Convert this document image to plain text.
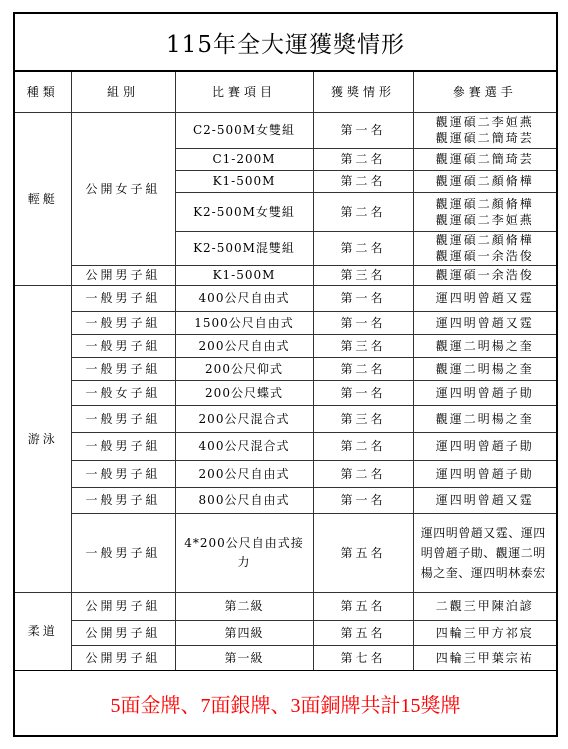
115年全大運獲獎情形
種類	組別	比賽項目	獲獎情形	參賽選手
輕艇	公開女子組	C2-500M女雙組	第一名	觀運碩二李姮燕
觀運碩二簡琦芸

		C1-200M	第二名	觀運碩二簡琦芸

		K1-500M	第二名	觀運碩二顏脩樺

		K2-500M女雙組	第二名	觀運碩二顏脩樺
觀運碩二李姮燕

		K2-500M混雙組	第二名	觀運碩二顏脩樺
觀運碩一余浩俊

	公開男子組	K1-500M	第三名	觀運碩一余浩俊

游泳	一般男子組	400公尺自由式	第一名	運四明曾趙又霆

	一般男子組	1500公尺自由式	第一名	運四明曾趙又霆

	一般男子組	200公尺自由式	第三名	觀運二明楊之奎

	一般男子組	200公尺仰式	第二名	觀運二明楊之奎

	一般女子組	200公尺蝶式	第一名	運四明曾趙子勛

	一般男子組	200公尺混合式	第三名	觀運二明楊之奎

	一般男子組	400公尺混合式	第二名	運四明曾趙子勛

	一般男子組	200公尺自由式	第二名	運四明曾趙子勛

	一般男子組	800公尺自由式	第一名	運四明曾趙又霆

	一般男子組	4*200公尺自由式接力	第五名	運四明曾趙又霆、運四明曾趙子勛、觀運二明楊之奎、運四明林泰宏
柔道	公開男子組	第二級	第五名	二觀三甲陳泊諺

	公開男子組	第四級	第五名	四輪三甲方祁宸

	公開男子組	第一級	第七名	四輪三甲葉宗祐
5面金牌、7面銀牌、3面銅牌共計15獎牌
